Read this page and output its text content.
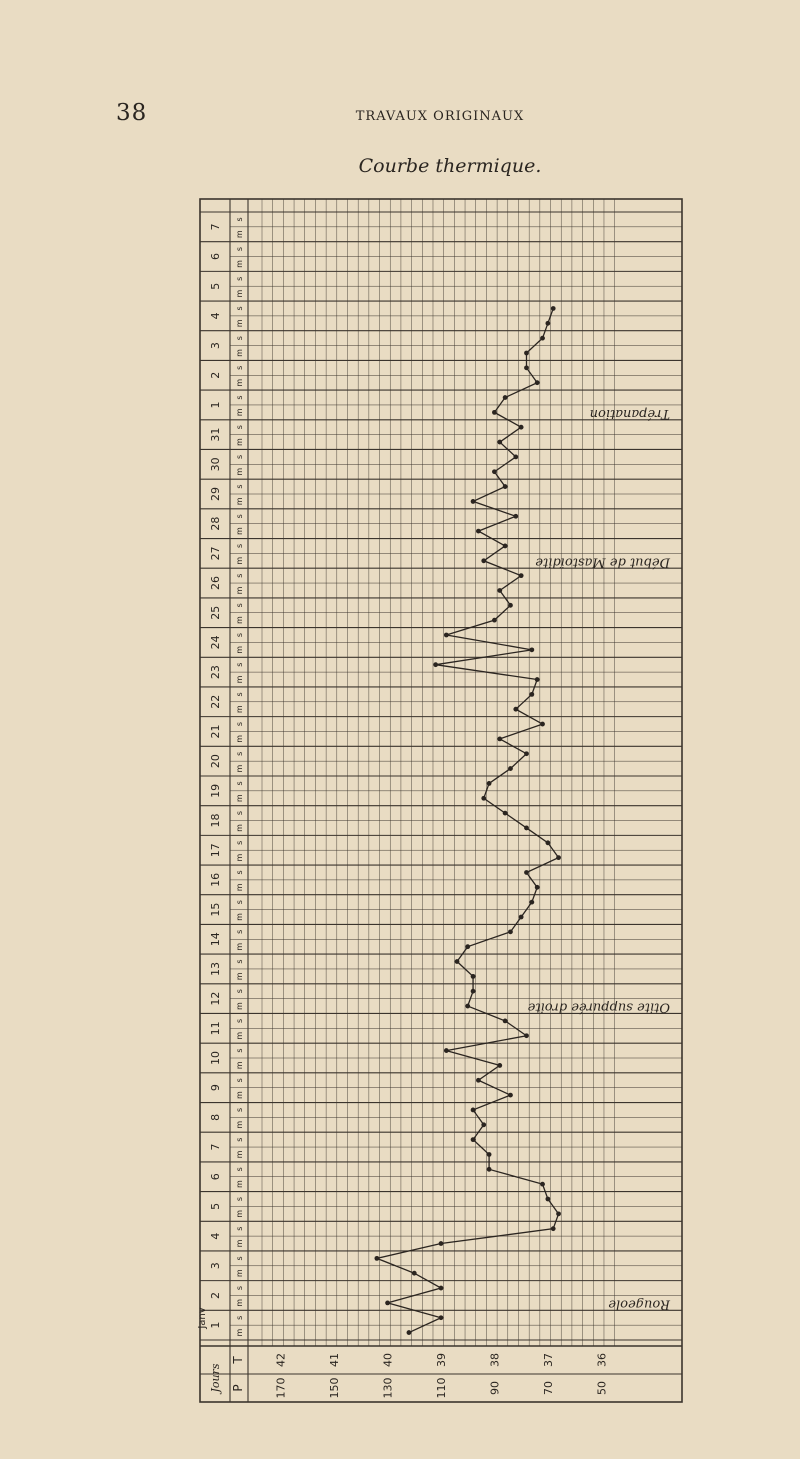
38	TRAVAUX ORIGINAUX
Courbe thermique.
1
m
s
2
m
s
3
m
s
4
m
s
5
m
s
6
m
s
7
m
s
8
m
s
9
m
s
10
m
s
11
m
s
12
m
s
13
m
s
14
m
s
15
m
s
16
m
s
17
m
s
18
m
s
19
m
s
20
m
s
21
m
s
22
m
s
23
m
s
24
m
s
25
m
s
26
m
s
27
m
s
28
m
s
29
m
s
30
m
s
31
m
s
1
m
s
2
m
s
3
m
s
4
m
s
5
m
s
6
m
s
7
m
s
Janv
Jours
T
P
42
170
41
150
40
130
39
110
38
90
37
70
36
50
Rougeole
Otite suppurée droite
Début de Mastoïdite
Trépanation
